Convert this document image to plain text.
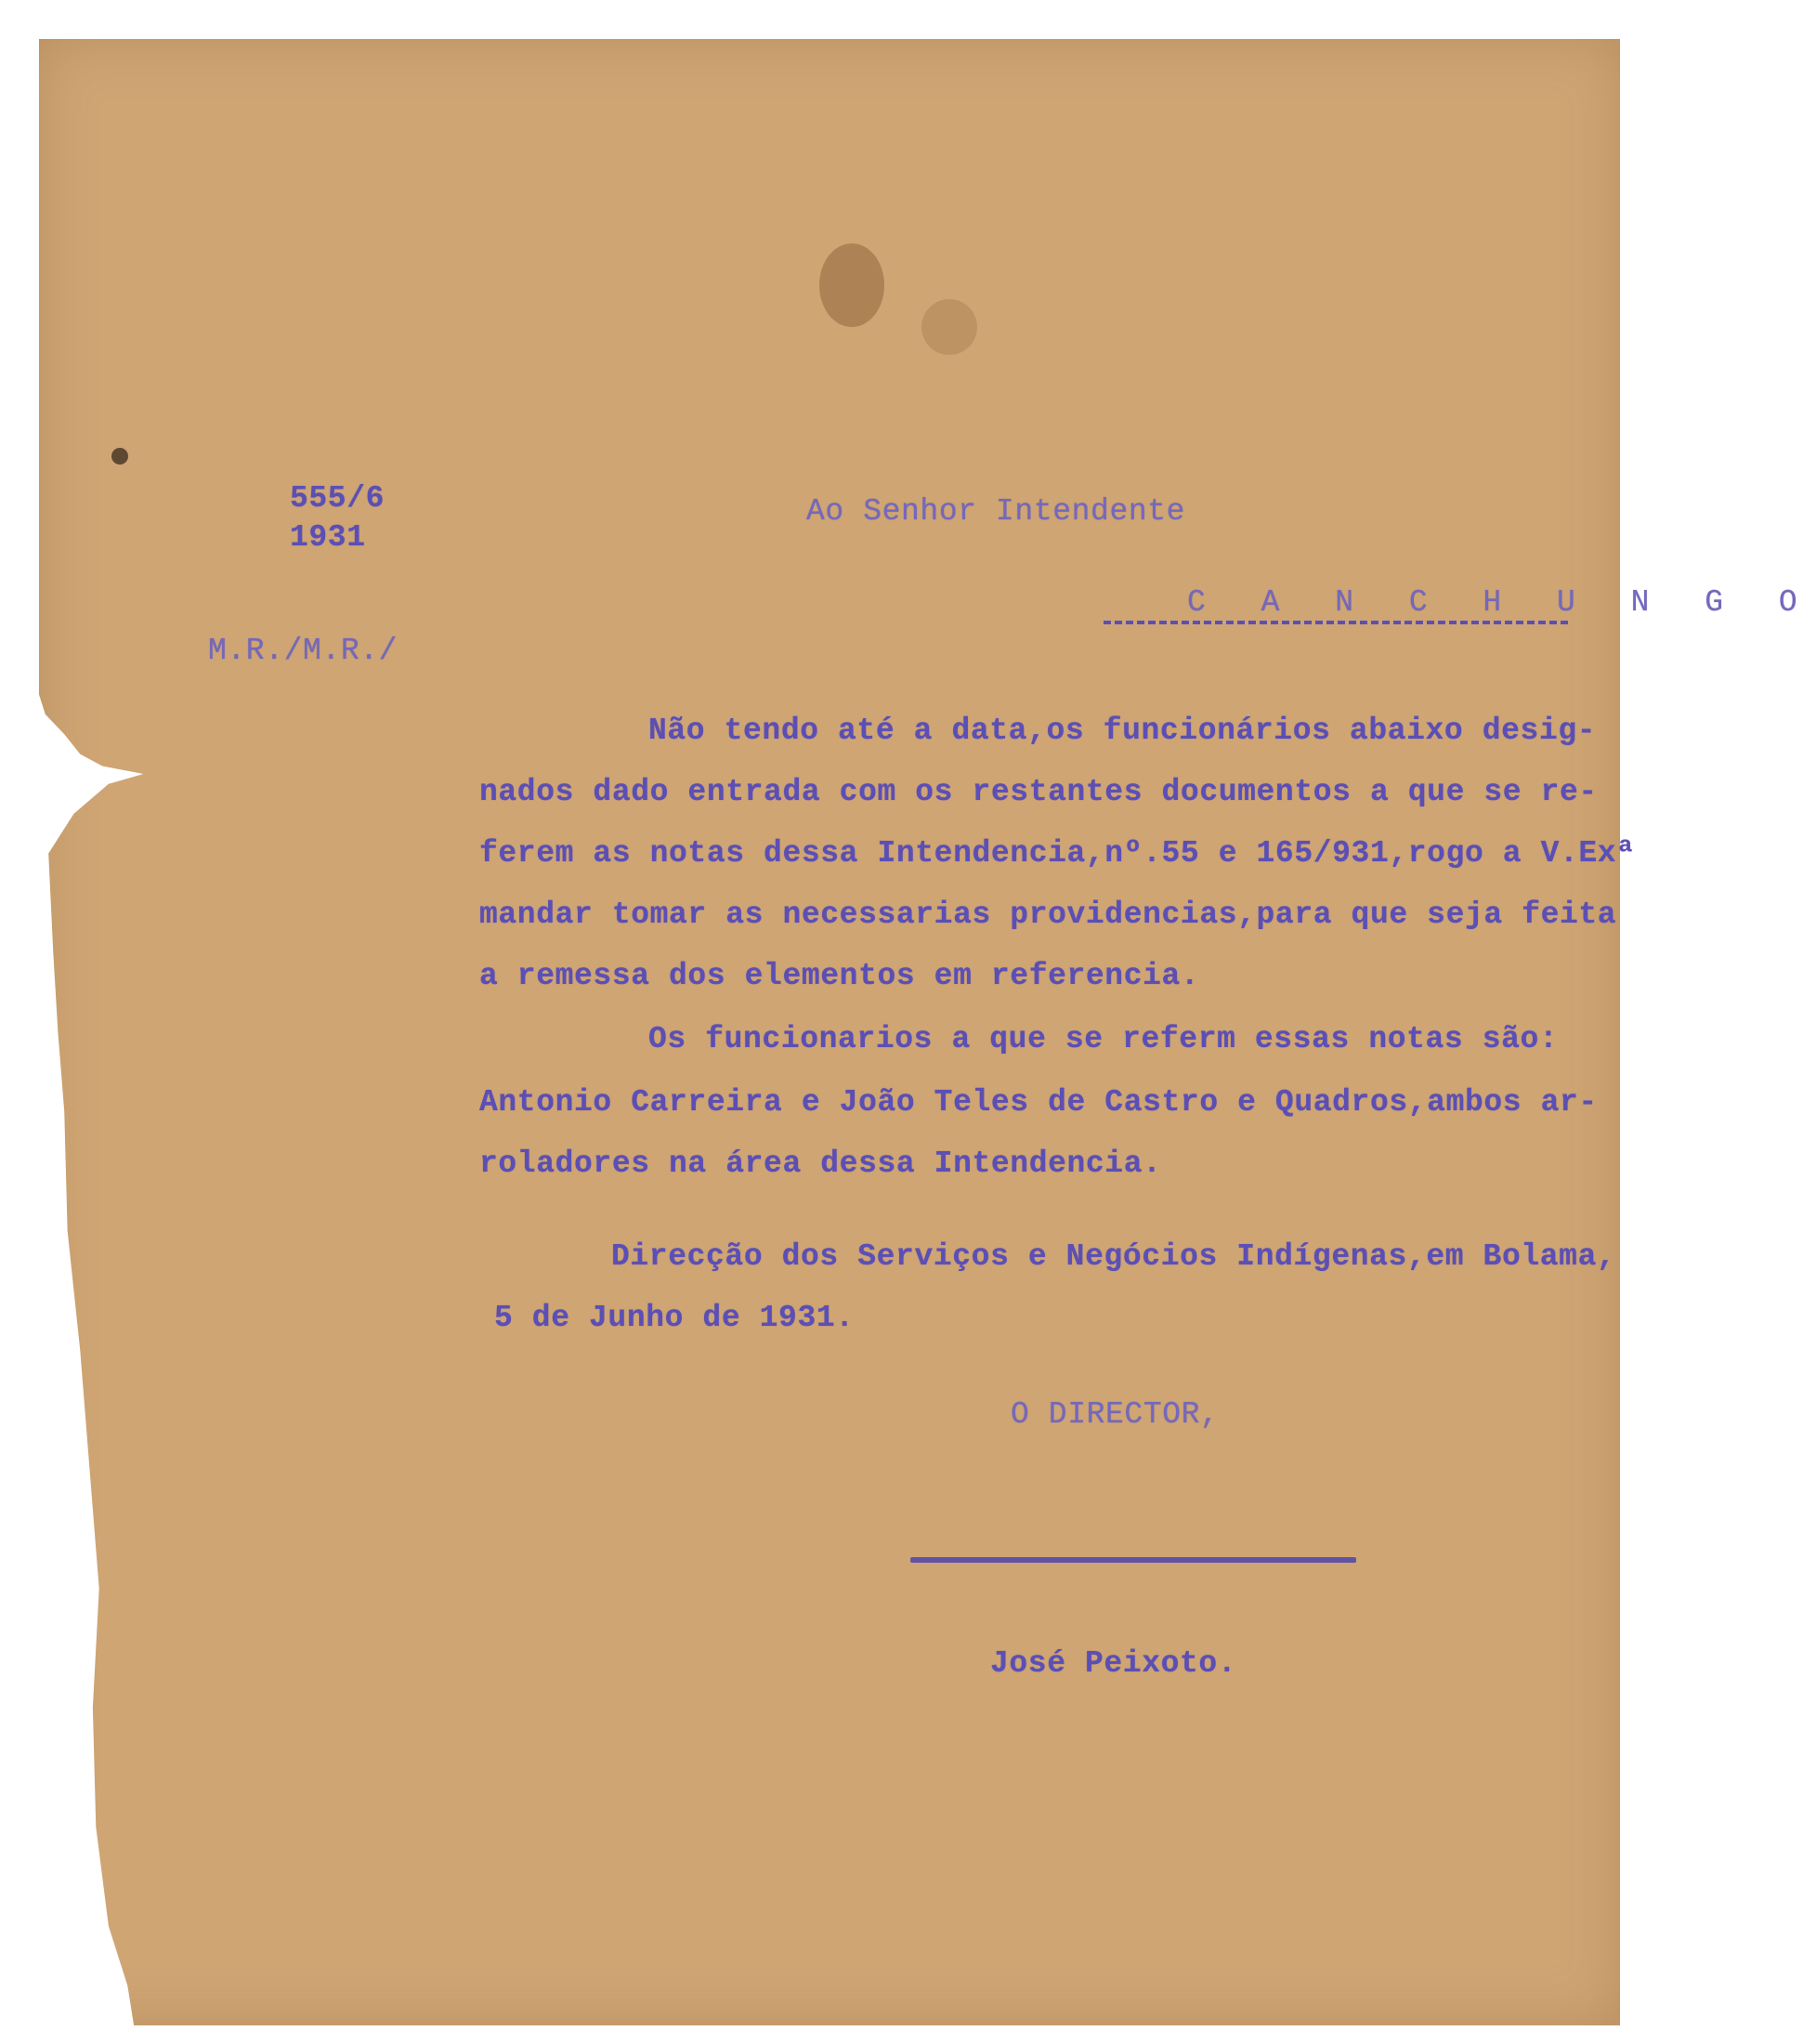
555/6
1931
M.R./M.R./
Ao Senhor Intendente
C A N C H U N G O
Não tendo até a data,os funcionários abaixo desig-
nados dado entrada com os restantes documentos a que se re-
ferem as notas dessa Intendencia,nº.55 e 165/931,rogo a V.Exª
mandar tomar as necessarias providencias,para que seja feita
a remessa dos elementos em referencia.
Os funcionarios a que se referm essas notas são:
Antonio Carreira e João Teles de Castro e Quadros,ambos ar-
roladores na área dessa Intendencia.
Direcção dos Serviços e Negócios Indígenas,em Bolama,
5 de Junho de 1931.
O DIRECTOR,
José Peixoto.
